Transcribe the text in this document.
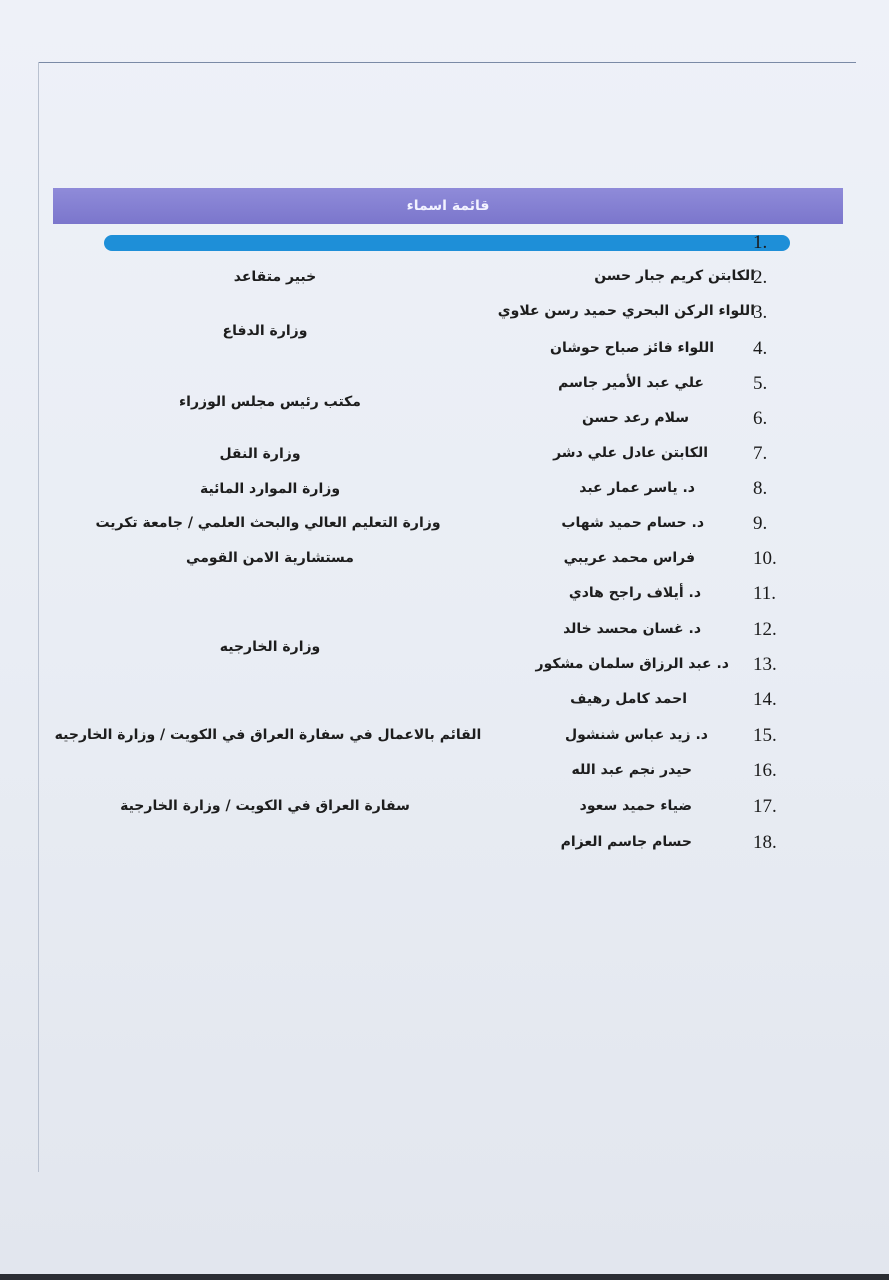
قائمة اسماء
1.
2.
3.
4.
5.
6.
7.
8.
9.
10.
11.
12.
13.
14.
15.
16.
17.
18.
الكابتن كريم جبار حسن
اللواء الركن البحري حميد رسن علاوي
اللواء فائز صباح حوشان
علي عبد الأمير جاسم
سلام رعد حسن
الكابتن عادل علي دشر
د. ياسر عمار عبد
د. حسام حميد شهاب
فراس محمد عريبي
د. أيلاف راجح هادي
د. غسان محسد خالد
د. عبد الرزاق سلمان مشكور
احمد كامل رهيف
د. زيد عباس شنشول
حيدر نجم عبد الله
ضياء حميد سعود
حسام جاسم العزام
خبير متقاعد
وزارة الدفاع
مكتب رئيس مجلس الوزراء
وزارة النقل
وزارة الموارد المائية
وزارة التعليم العالي والبحث العلمي / جامعة تكريت
مستشارية الامن القومي
وزارة الخارجيه
القائم بالاعمال في سفارة العراق في الكويت / وزارة الخارجيه
سفارة العراق في الكويت / وزارة الخارجية
